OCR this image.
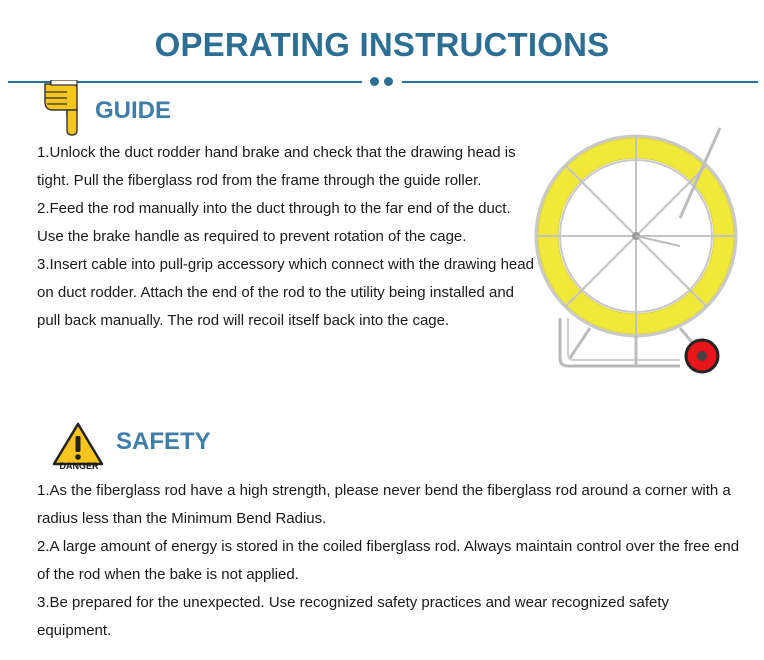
OPERATING INSTRUCTIONS
GUIDE

1.Unlock the duct rodder hand brake and check that the drawing head is tight. Pull the fiberglass rod from the frame through the guide roller.

2.Feed the rod manually into the duct through to the far end of the duct. Use the brake handle as required to prevent rotation of the cage.

3.Insert cable into pull-grip accessory which connect with the drawing head on duct rodder. Attach the end of the rod to the utility being installed and pull back manually. The rod will recoil itself back into the cage.

DANGER
SAFETY

1.As the fiberglass rod have a high strength, please never bend the fiberglass rod around a corner with a radius less than the Minimum Bend Radius.

2.A large amount of energy is stored in the coiled fiberglass rod. Always maintain control over the free end of the rod when the bake is not applied.

3.Be prepared for the unexpected. Use recognized safety practices and wear recognized safety equipment.
